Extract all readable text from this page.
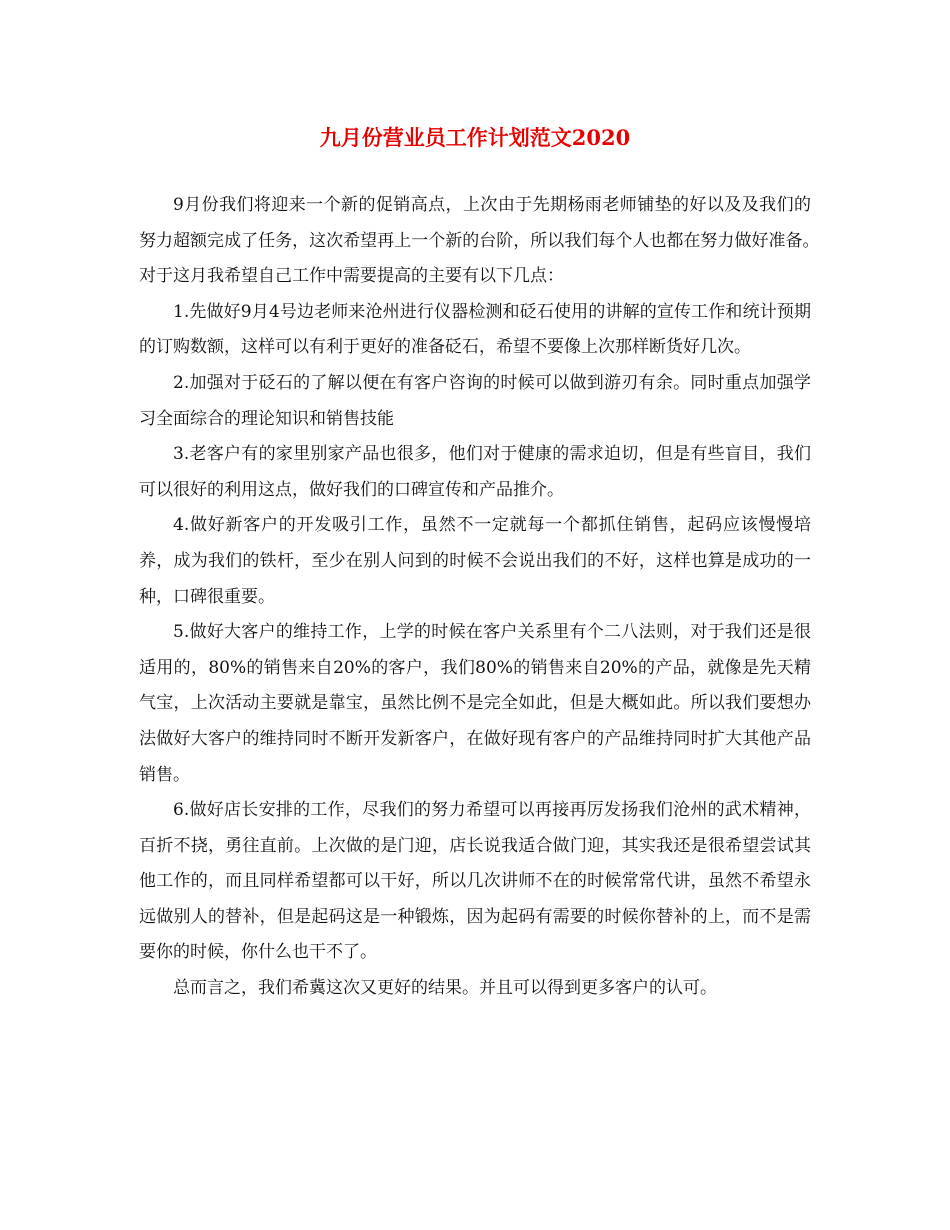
九月份营业员工作计划范文2020

9月份我们将迎来一个新的促销高点，上次由于先期杨雨老师铺垫的好以及及我们的努力超额完成了任务，这次希望再上一个新的台阶，所以我们每个人也都在努力做好准备。　对于这月我希望自己工作中需要提高的主要有以下几点：

1.先做好9月4号边老师来沧州进行仪器检测和砭石使用的讲解的宣传工作和统计预期的订购数额，这样可以有利于更好的准备砭石，希望不要像上次那样断货好几次。

2.加强对于砭石的了解以便在有客户咨询的时候可以做到游刃有余。同时重点加强学习全面综合的理论知识和销售技能

3.老客户有的家里别家产品也很多，他们对于健康的需求迫切，但是有些盲目，我们可以很好的利用这点，做好我们的口碑宣传和产品推介。

4.做好新客户的开发吸引工作，虽然不一定就每一个都抓住销售，起码应该慢慢培养，成为我们的铁杆，至少在别人问到的时候不会说出我们的不好，这样也算是成功的一种，口碑很重要。

5.做好大客户的维持工作，上学的时候在客户关系里有个二八法则，对于我们还是很适用的，80%的销售来自20%的客户，我们80%的销售来自20%的产品，就像是先天精气宝，上次活动主要就是靠宝，虽然比例不是完全如此，但是大概如此。所以我们要想办法做好大客户的维持同时不断开发新客户，在做好现有客户的产品维持同时扩大其他产品销售。

6.做好店长安排的工作，尽我们的努力希望可以再接再厉发扬我们沧州的武术精神，百折不挠，勇往直前。上次做的是门迎，店长说我适合做门迎，其实我还是很希望尝试其他工作的，而且同样希望都可以干好，所以几次讲师不在的时候常常代讲，虽然不希望永远做别人的替补，但是起码这是一种锻炼，因为起码有需要的时候你替补的上，而不是需要你的时候，你什么也干不了。

总而言之，我们希冀这次又更好的结果。并且可以得到更多客户的认可。
